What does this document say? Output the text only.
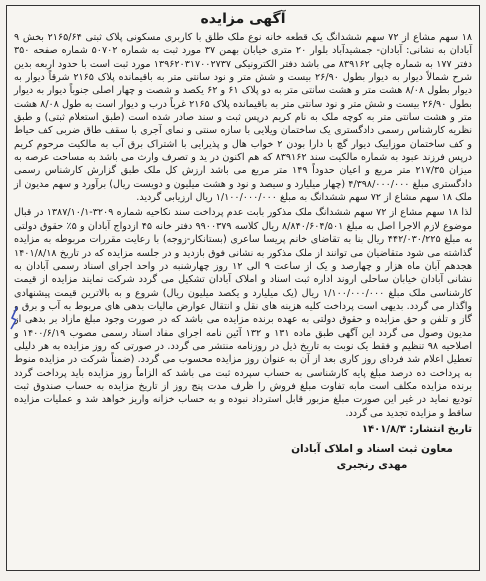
آگهی مزایده

۱۸ سهم مشاع از ۷۲ سهم ششدانگ یک قطعه خانه نوع ملک طلق با کاربری مسکونی پلاک ثبتی ۲۱۶۵/۶۴ بخش ۹ آبادان به نشانی: آبادان- جمشیدآباد بلوار ۲۰ متری خیابان بهمن ۳۷ مورد ثبت به شماره ۵۰۷۰۲ شماره صفحه ۳۵۰ دفتر ۱۷۷ به شماره چاپی ۸۳۹۱۶۲ می باشد دفتر الکترونیکی ۱۳۹۶۲۰۳۱۷۰۰۲۷۳۷ مورد ثبت است با حدود اربعه بدین شرح شمالاً دیوار به دیوار بطول ۲۶/۹۰ بیست و شش متر و نود سانتی متر به باقیمانده پلاک ۲۱۶۵ شرقاً دیوار به دیوار بطول ۸/۰۸ هشت متر و هشت سانتی متر به دو پلاک ۶۱ و ۶۲ یکصد و شصت و چهار اصلی جنوباً دیوار به دیوار بطول ۲۶/۹۰ بیست و شش متر و نود سانتی متر به باقیمانده پلاک ۲۱۶۵ غرباً درب و دیوار است به طول ۸/۰۸ هشت متر و هشت سانتی متر به کوچه ملک به نام کریم درپس ثبت و سند صادر شده است (طبق استعلام ثبتی) و طبق نظریه کارشناس رسمی دادگستری یک ساختمان ویلایی با سازه سنتی و نمای آجری با سقف طاق ضربی کف حیاط و کف ساختمان موزاییک دیوار گچ با دارا بودن ۲ خواب هال و پذیرایی با اشتراک برق آب به مالکیت مرحوم کریم درپس فرزند عبود به شماره مالکیت سند ۸۳۹۱۶۲ که هم اکنون در ید و تصرف وارث می باشد به مساحت عرصه به میزان ۲۱۷/۳۵ متر مربع و اعیان حدوداً ۱۴۹ متر مربع می باشد ارزش کل ملک طبق گزارش کارشناس رسمی دادگستری مبلغ ۴/۳۹۸/۰۰۰/۰۰۰ (چهار میلیارد و سیصد و نود و هشت میلیون و دویست ریال) برآورد و سهم مدیون از ملک ۱۸ سهم مشاع از ۷۲ سهم ششدانگ به مبلغ ۱/۱۰۰/۰۰۰/۰۰۰ ریال ارزیابی گردید.

لذا ۱۸ سهم مشاع از ۷۲ سهم ششدانگ ملک مذکور بابت عدم پرداخت سند نکاحیه شماره ۳۲۰۹-۱۳۸۷/۱۰/۱ در قبال موضوع لازم الاجرا اصل به مبلغ ۸/۸۴۰/۶۰۴/۵۰۱ ریال کلاسه ۹۹۰۰۳۷۹ دفتر خانه ۴۵ ازدواج آبادان و ۵٪ حقوق دولتی به مبلغ ۴۴۲/۰۳۰/۲۲۵ ریال بنا به تقاضای خانم پریسا ساعری (بستانکار-زوجه) با رعایت مقررات مربوطه به مزایده گذاشته می شود متقاضیان می توانند از ملک مذکور به نشانی فوق بازدید و در جلسه مزایده که در تاریخ ۱۴۰۱/۸/۱۸ هجدهم آبان ماه هزار و چهارصد و یک از ساعت ۹ الی ۱۲ روز چهارشنبه در واحد اجرای اسناد رسمی آبادان به نشانی آبادان خیابان ساحلی اروند اداره ثبت اسناد و املاک آبادان تشکیل می گردد شرکت نمایند مزایده از قیمت کارشناسی ملک مبلغ ۱/۱۰۰/۰۰۰/۰۰۰ ریال (یک میلیارد و یکصد میلیون ریال) شروع و به بالاترین قیمت پیشنهادی واگذار می گردد. بدیهی است پرداخت کلیه هزینه های نقل و انتقال عوارض مالیات بدهی های مربوط به آب و برق و گاز و تلفن و حق مزایده و حقوق دولتی به عهده برنده مزایده می باشد که در صورت وجود مبلغ مازاد بر بدهی از مدیون وصول می گردد این آگهی طبق ماده ۱۳۱ و ۱۳۲ آئین نامه اجرای مفاد اسناد رسمی مصوب ۱۴۰۰/۶/۱۹ و اصلاحیه ۹۸ تنظیم و فقط یک نوبت به تاریخ ذیل در روزنامه منتشر می گردد. در صورتی که روز مزایده به هر دلیلی تعطیل اعلام شد فردای روز کاری بعد از آن به عنوان روز مزایده محسوب می گردد. (ضمناً شرکت در مزایده منوط به پرداخت ده درصد مبلغ پایه کارشناسی به حساب سپرده ثبت می باشد که الزاماً روز مزایده باید پرداخت گردد برنده مزایده مکلف است مابه تفاوت مبلغ فروش را ظرف مدت پنج روز از تاریخ مزایده به حساب صندوق ثبت تودیع نماید در غیر این صورت مبلغ مزبور قابل استرداد نبوده و به حساب خزانه واریز خواهد شد و عملیات مزایده ساقط و مزایده تجدید می گردد.

تاریخ انتشار: ۱۴۰۱/۸/۳
معاون ثبت اسناد و املاک آبادان
مهدی رنجبری
